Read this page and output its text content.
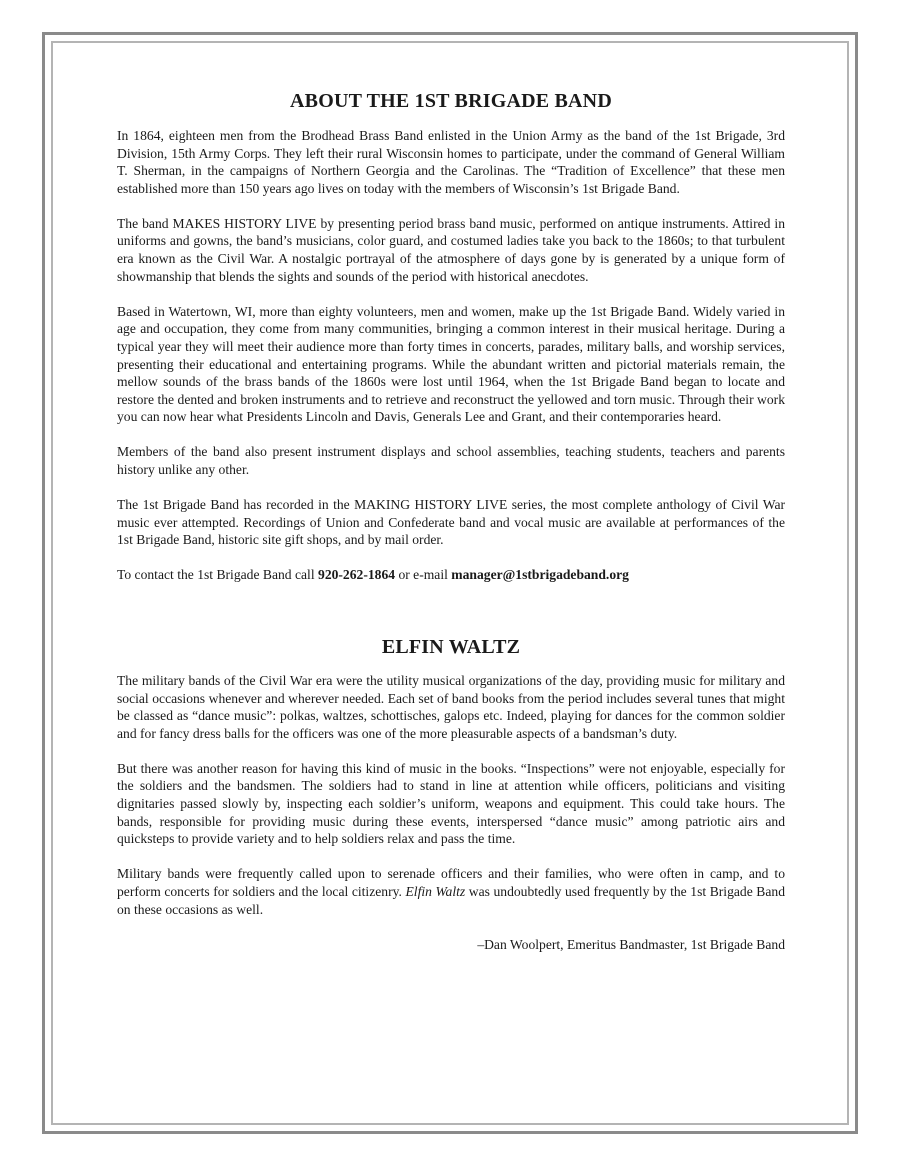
ABOUT THE 1ST BRIGADE BAND

In 1864, eighteen men from the Brodhead Brass Band enlisted in the Union Army as the band of the 1st Brigade, 3rd Division, 15th Army Corps. They left their rural Wisconsin homes to participate, under the command of General William T. Sherman, in the campaigns of Northern Georgia and the Carolinas. The “Tradition of Excellence” that these men established more than 150 years ago lives on today with the members of Wisconsin’s 1st Brigade Band.

The band MAKES HISTORY LIVE by presenting period brass band music, performed on antique instruments. Attired in uniforms and gowns, the band’s musicians, color guard, and costumed ladies take you back to the 1860s; to that turbulent era known as the Civil War. A nostalgic portrayal of the atmosphere of days gone by is generated by a unique form of showmanship that blends the sights and sounds of the period with historical anecdotes.

Based in Watertown, WI, more than eighty volunteers, men and women, make up the 1st Brigade Band. Widely varied in age and occupation, they come from many communities, bringing a common interest in their musical heritage. During a typical year they will meet their audience more than forty times in concerts, parades, military balls, and worship services, presenting their educational and entertaining programs. While the abundant written and pictorial materials remain, the mellow sounds of the brass bands of the 1860s were lost until 1964, when the 1st Brigade Band began to locate and restore the dented and broken instruments and to retrieve and reconstruct the yellowed and torn music. Through their work you can now hear what Presidents Lincoln and Davis, Generals Lee and Grant, and their contemporaries heard.

Members of the band also present instrument displays and school assemblies, teaching students, teachers and parents history unlike any other.

The 1st Brigade Band has recorded in the MAKING HISTORY LIVE series, the most complete anthology of Civil War music ever attempted. Recordings of Union and Confederate band and vocal music are available at performances of the 1st Brigade Band, historic site gift shops, and by mail order.

To contact the 1st Brigade Band call 920-262-1864 or e-mail manager@1stbrigadeband.org

ELFIN WALTZ

The military bands of the Civil War era were the utility musical organizations of the day, providing music for military and social occasions whenever and wherever needed. Each set of band books from the period includes several tunes that might be classed as “dance music”: polkas, waltzes, schottisches, galops etc. Indeed, playing for dances for the common soldier and for fancy dress balls for the officers was one of the more pleasurable aspects of a bandsman’s duty.

But there was another reason for having this kind of music in the books. “Inspections” were not enjoyable, especially for the soldiers and the bandsmen. The soldiers had to stand in line at attention while officers, politicians and visiting dignitaries passed slowly by, inspecting each soldier’s uniform, weapons and equipment. This could take hours. The bands, responsible for providing music during these events, interspersed “dance music” among patriotic airs and quicksteps to provide variety and to help soldiers relax and pass the time.

Military bands were frequently called upon to serenade officers and their families, who were often in camp, and to perform concerts for soldiers and the local citizenry. Elfin Waltz was undoubtedly used frequently by the 1st Brigade Band on these occasions as well.

–Dan Woolpert, Emeritus Bandmaster, 1st Brigade Band
